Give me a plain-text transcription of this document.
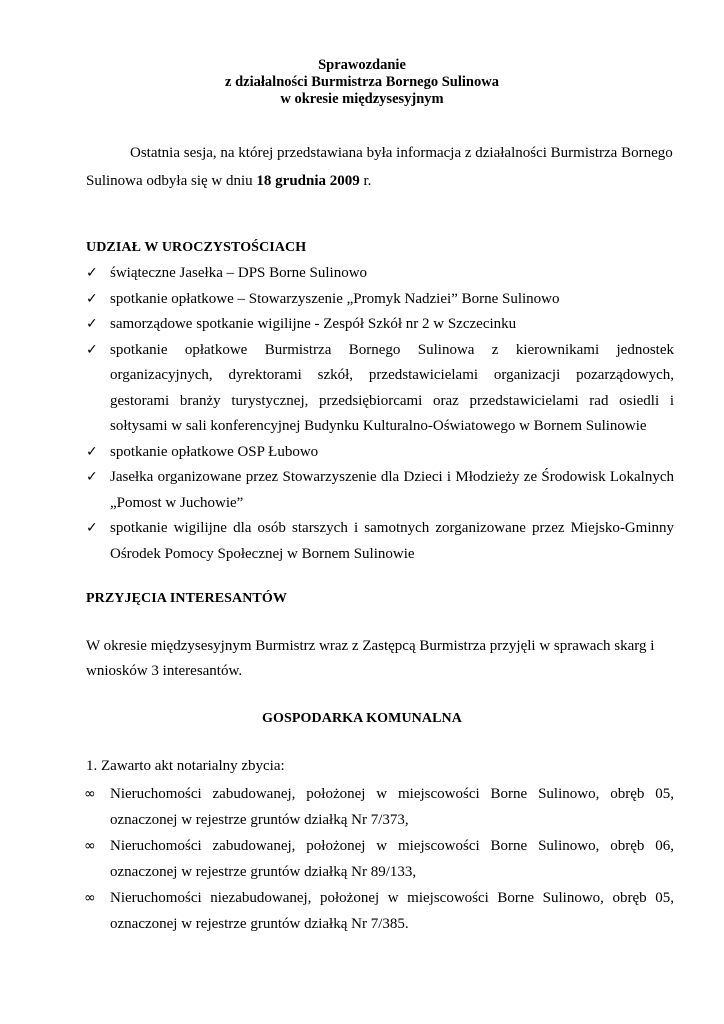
Sprawozdanie
z działalności Burmistrza Bornego Sulinowa
w okresie międzysesyjnym
Ostatnia sesja, na której przedstawiana była informacja z działalności Burmistrza Bornego Sulinowa odbyła się w dniu 18 grudnia 2009 r.
UDZIAŁ W UROCZYSTOŚCIACH
✓ świąteczne Jasełka – DPS Borne Sulinowo
✓ spotkanie opłatkowe – Stowarzyszenie „Promyk Nadziei” Borne Sulinowo
✓ samorządowe spotkanie wigilijne - Zespół Szkół nr 2 w Szczecinku
✓ spotkanie opłatkowe Burmistrza Bornego Sulinowa z kierownikami jednostek organizacyjnych, dyrektorami szkół, przedstawicielami organizacji pozarządowych, gestorami branży turystycznej, przedsiębiorcami oraz przedstawicielami rad osiedli i sołtysami w sali konferencyjnej Budynku Kulturalno-Oświatowego w Bornem Sulinowie
✓ spotkanie opłatkowe OSP Łubowo
✓ Jasełka organizowane przez Stowarzyszenie dla Dzieci i Młodzieży ze Środowisk Lokalnych „Pomost w Juchowie”
✓ spotkanie wigilijne dla osób starszych i samotnych zorganizowane przez Miejsko-Gminny Ośrodek Pomocy Społecznej w Bornem Sulinowie
PRZYJĘCIA INTERESANTÓW
W okresie międzysesyjnym Burmistrz wraz z Zastępcą Burmistrza przyjęli w sprawach skarg i wniosków 3 interesantów.
GOSPODARKA KOMUNALNA
1. Zawarto akt notarialny zbycia:
∞ Nieruchomości zabudowanej, położonej w miejscowości Borne Sulinowo, obręb 05, oznaczonej w rejestrze gruntów działką Nr 7/373,
∞ Nieruchomości zabudowanej, położonej w miejscowości Borne Sulinowo, obręb 06, oznaczonej w rejestrze gruntów działką Nr 89/133,
∞ Nieruchomości niezabudowanej, położonej w miejscowości Borne Sulinowo, obręb 05, oznaczonej w rejestrze gruntów działką Nr 7/385.
